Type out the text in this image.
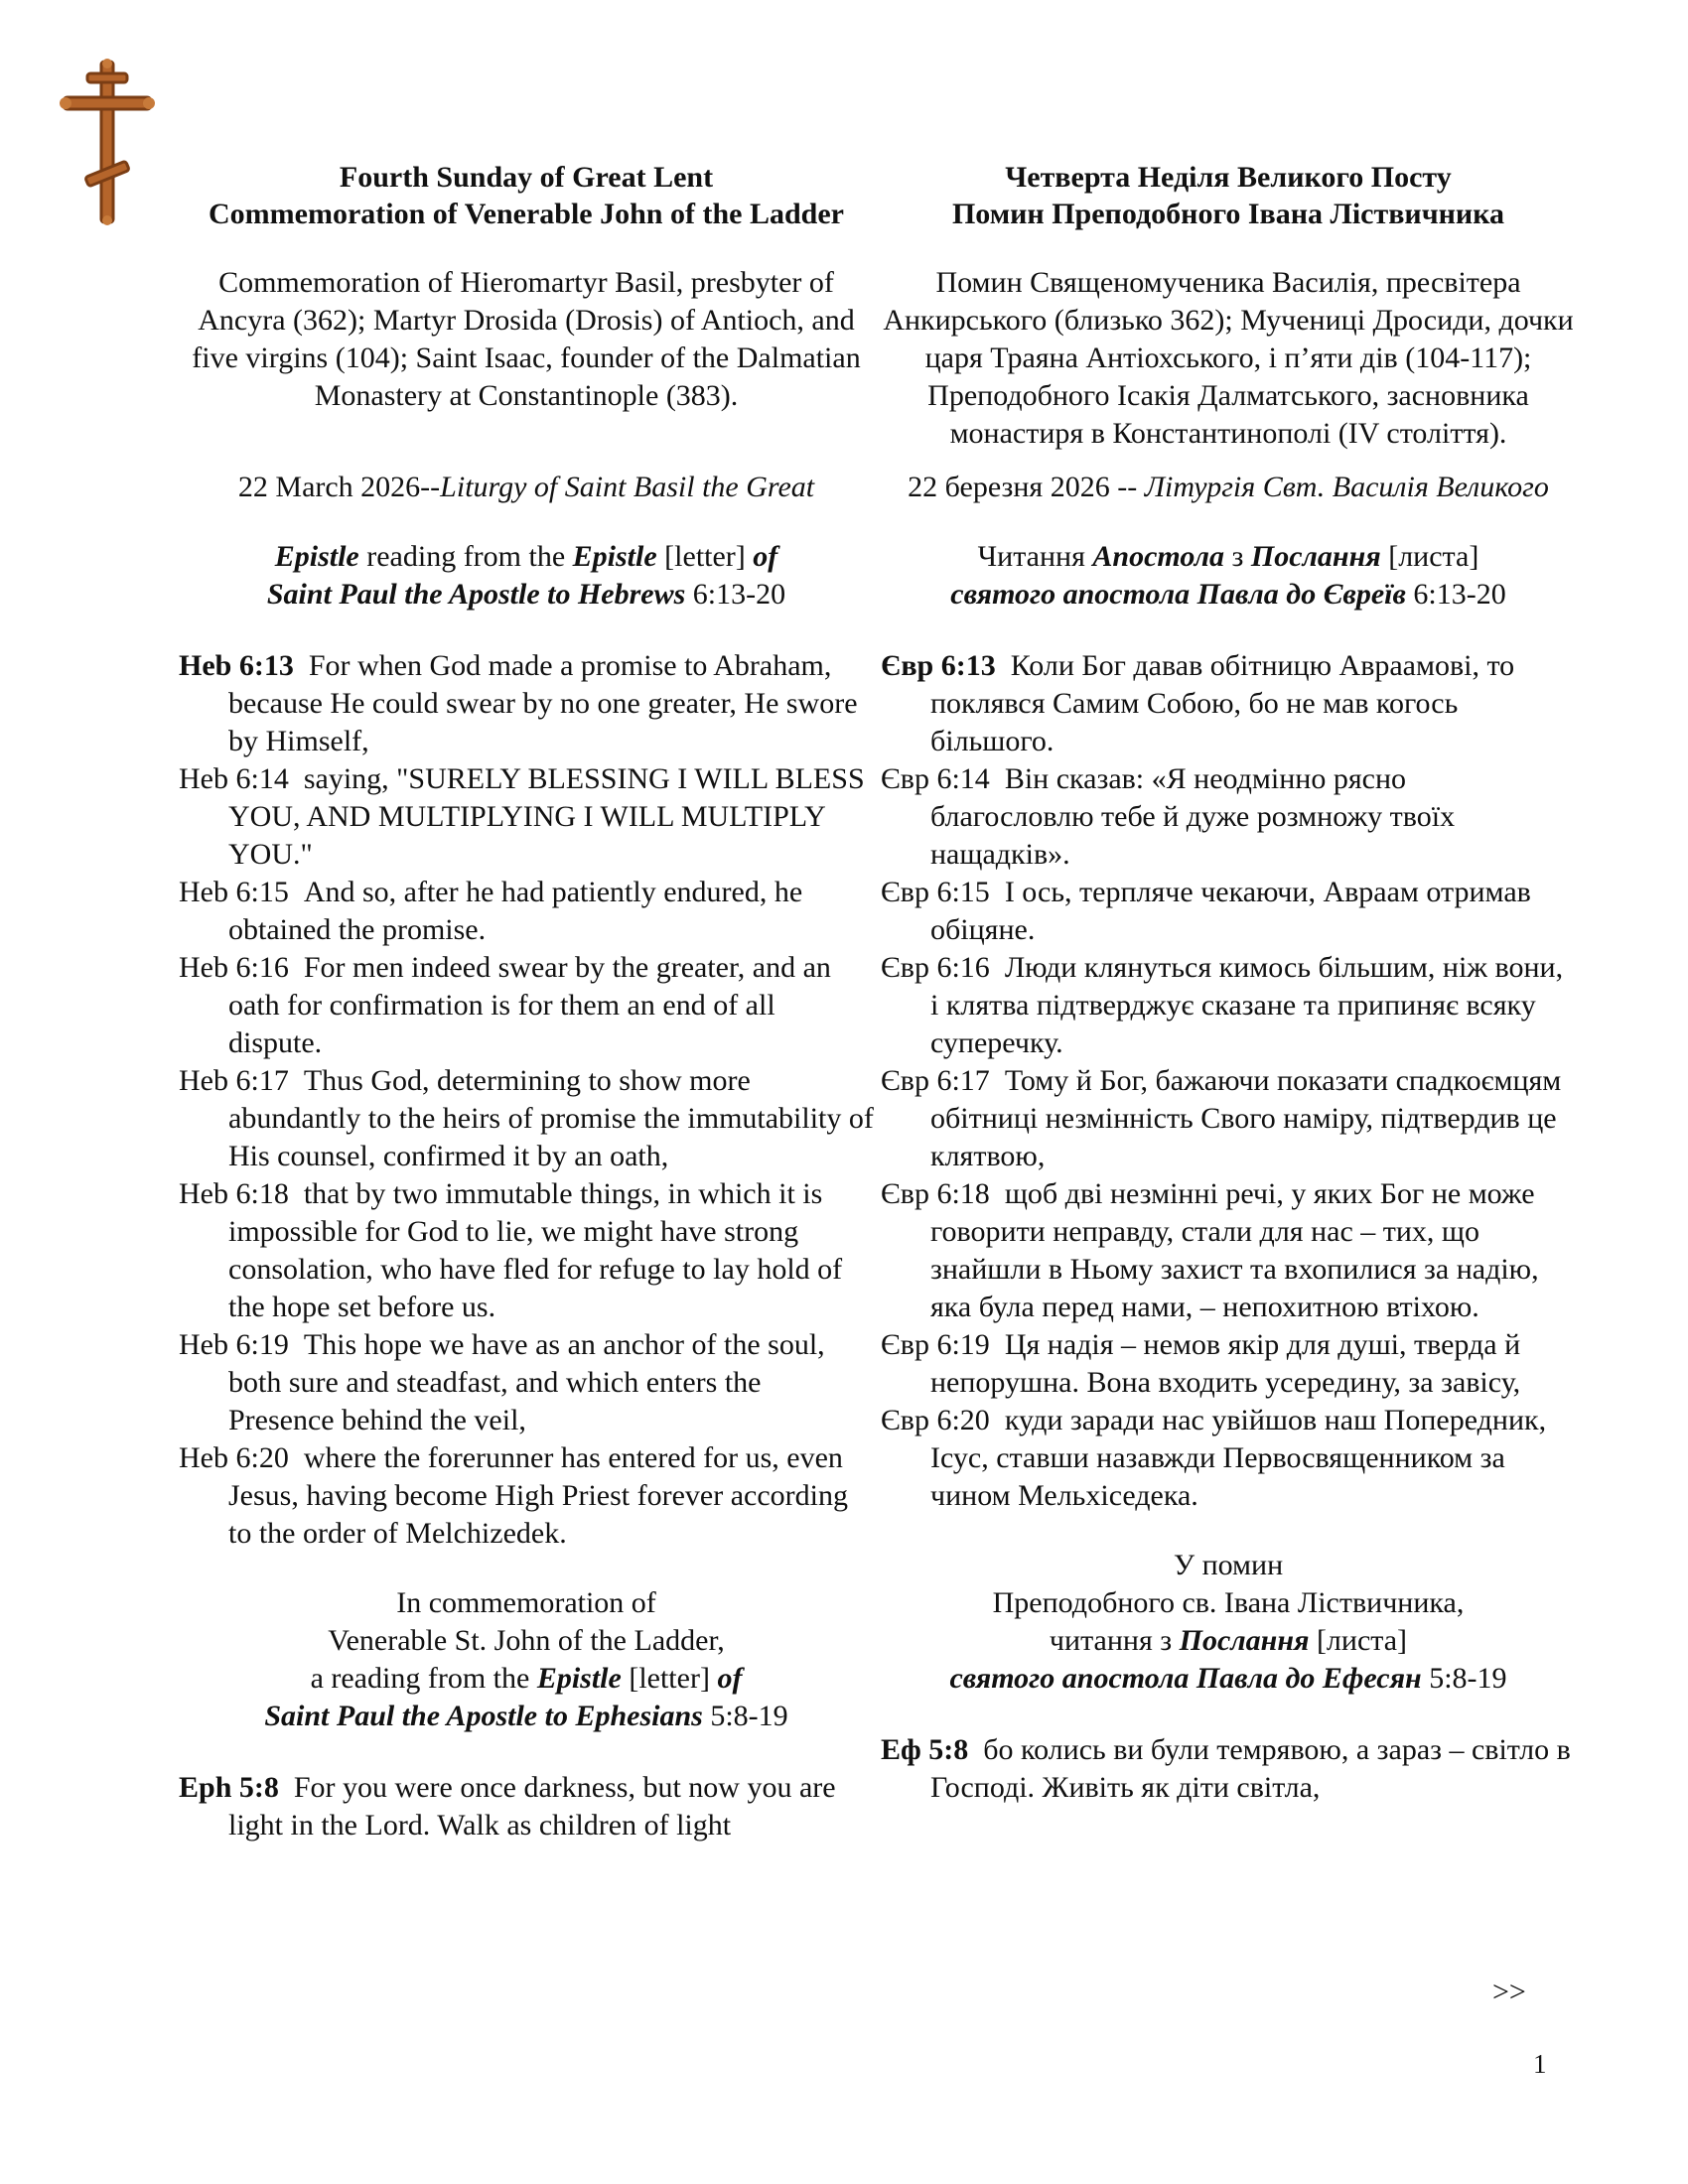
Fourth Sunday of Great Lent
Commemoration of Venerable John of the Ladder
Commemoration of Hieromartyr Basil, presbyter of Ancyra (362); Martyr Drosida (Drosis) of Antioch, and five virgins (104); Saint Isaac, founder of the Dalmatian Monastery at Constantinople (383).
22 March 2026--Liturgy of Saint Basil the Great
Epistle reading from the Epistle [letter] of
Saint Paul the Apostle to Hebrews 6:13-20
Heb 6:13 For when God made a promise to Abraham, because He could swear by no one greater, He swore by Himself,
Heb 6:14 saying, "SURELY BLESSING I WILL BLESS YOU, AND MULTIPLYING I WILL MULTIPLY YOU."
Heb 6:15 And so, after he had patiently endured, he obtained the promise.
Heb 6:16 For men indeed swear by the greater, and an oath for confirmation is for them an end of all dispute.
Heb 6:17 Thus God, determining to show more abundantly to the heirs of promise the immutability of His counsel, confirmed it by an oath,
Heb 6:18 that by two immutable things, in which it is impossible for God to lie, we might have strong consolation, who have fled for refuge to lay hold of the hope set before us.
Heb 6:19 This hope we have as an anchor of the soul, both sure and steadfast, and which enters the Presence behind the veil,
Heb 6:20 where the forerunner has entered for us, even Jesus, having become High Priest forever according to the order of Melchizedek.
In commemoration of
Venerable St. John of the Ladder,
a reading from the Epistle [letter] of
Saint Paul the Apostle to Ephesians 5:8-19
Eph 5:8 For you were once darkness, but now you are light in the Lord. Walk as children of light
Четверта Неділя Великого Посту
Помин Преподобного Івана Ліствичника
Помин Священомученика Василія, пресвітера Анкирського (близько 362); Мучениці Дросиди, дочки царя Траяна Антіохського, і п’яти дів (104-117); Преподобного Ісакія Далматського, засновника монастиря в Константинополі (IV століття).
22 березня 2026 -- Літургія Свт. Василія Великого
Читання Апостола з Послання [листа]
святого апостола Павла до Євреїв 6:13-20
Євр 6:13 Коли Бог давав обітницю Авраамові, то поклявся Самим Собою, бо не мав когось більшого.
Євр 6:14 Він сказав: «Я неодмінно рясно благословлю тебе й дуже розмножу твоїх нащадків».
Євр 6:15 І ось, терпляче чекаючи, Авраам отримав обіцяне.
Євр 6:16 Люди клянуться кимось більшим, ніж вони, і клятва підтверджує сказане та припиняє всяку суперечку.
Євр 6:17 Тому й Бог, бажаючи показати спадкоємцям обітниці незмінність Свого наміру, підтвердив це клятвою,
Євр 6:18 щоб дві незмінні речі, у яких Бог не може говорити неправду, стали для нас – тих, що знайшли в Ньому захист та вхопилися за надію, яка була перед нами, – непохитною втіхою.
Євр 6:19 Ця надія – немов якір для душі, тверда й непорушна. Вона входить усередину, за завісу,
Євр 6:20 куди заради нас увійшов наш Попередник, Ісус, ставши назавжди Первосвященником за чином Мельхіседека.
У помин
Преподобного св. Івана Ліствичника,
читання з Послання [листа]
святого апостола Павла до Ефесян 5:8-19
Еф 5:8 бо колись ви були темрявою, а зараз – світло в Господі. Живіть як діти світла,
>>
1
